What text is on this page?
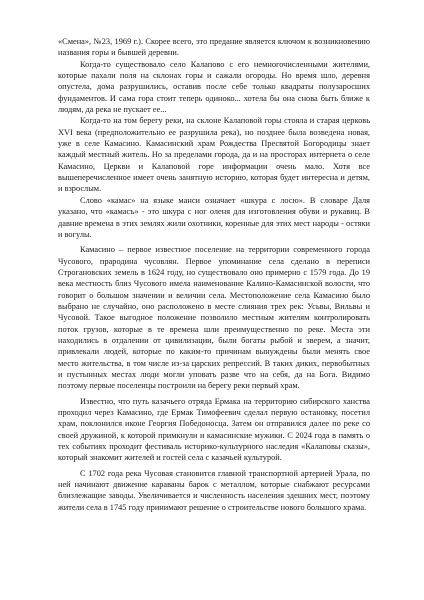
«Смена», №23, 1969 г.). Скорее всего, это предание является ключом к возникновению названия горы и бывшей деревни.

Когда-то существовало село Калапово с его немногочисленными жителями, которые пахали поля на склонах горы и сажали огороды. Но время шло, деревня опустела, дома разрушились, оставив после себе только квадраты полузаросших фундаментов. И сама гора стоит теперь одиноко... хотела бы она снова быть ближе к людям, да река не пускает ее...

Когда-то на том берегу реки, на склоне Калаповой горы стояла и старая церковь XVI века (предположительно ее разрушила река), но позднее была возведена новая, уже в селе Камасино. Камасинский храм Рождества Пресвятой Богородицы знает каждый местный житель. Но за пределами города, да и на просторах интернета о селе Камасино, Церкви и Калаповой горе информации очень мало. Хотя все вышеперечисленное имеет очень занятную историю, которая будет интересна и детям, и взрослым.

Слово «камас» на языке манси означает «шкура с лосю». В словаре Даля указано, что «камасъ» - это шкура с ног оленя для изготовления обуви и рукавиц. В давние времена в этих землях жили охотники, коренные для этих мест народы - остяки и вогулы.

Камасино – первое известное поселение на территории современного города Чусового, прародина чусовлян. Первое упоминание села сделано в переписи Строгановских земель в 1624 году, но существовало оно примерно с 1579 года. До 19 века местность близ Чусового имела наименование Калино-Камасинской волости, что говорит о большом значении и величии села. Местоположение села Камасино было выбрано не случайно, оно расположено в месте слияния трех рек: Усьвы, Вильвы и Чусовой. Такое выгодное положение позволило местным жителям контролировать поток грузов, которые в те времена шли преимущественно по реке. Места эти находились в отдалении от цивилизации, были богаты рыбой и зверем, а значит, привлекали людей, которые по каким-то причинам вынуждены были менять свое место жительства, в том числе из-за царских репрессий. В таких диких, первобытных и пустынных местах люди могли уповать разве что на себя, да на Бога. Видимо поэтому первые поселенцы построили на берегу реки первый храм.

Известно, что путь казачьего отряда Ермака на территорию сибирского ханства проходил через Камасино, где Ермак Тимофеевич сделал первую остановку, посетил храм, поклонился иконе Георгия Победоносца. Затем он отправился далее по реке со своей дружиной, к которой примкнули и камасинские мужики. С 2024 года в память о тех событиях проходит фестиваль историко-культурного наследия «Калаповы сказы», который знакомит жителей и гостей села с казачьей культурой.

С 1702 года река Чусовая становится главной транспортной артерией Урала, по ней начинают движение караваны барок с металлом, которые снабжают ресурсами близлежащие заводы. Увеличивается и численность населения здешних мест, поэтому жители села в 1745 году принимают решение о строительстве нового большого храма.
